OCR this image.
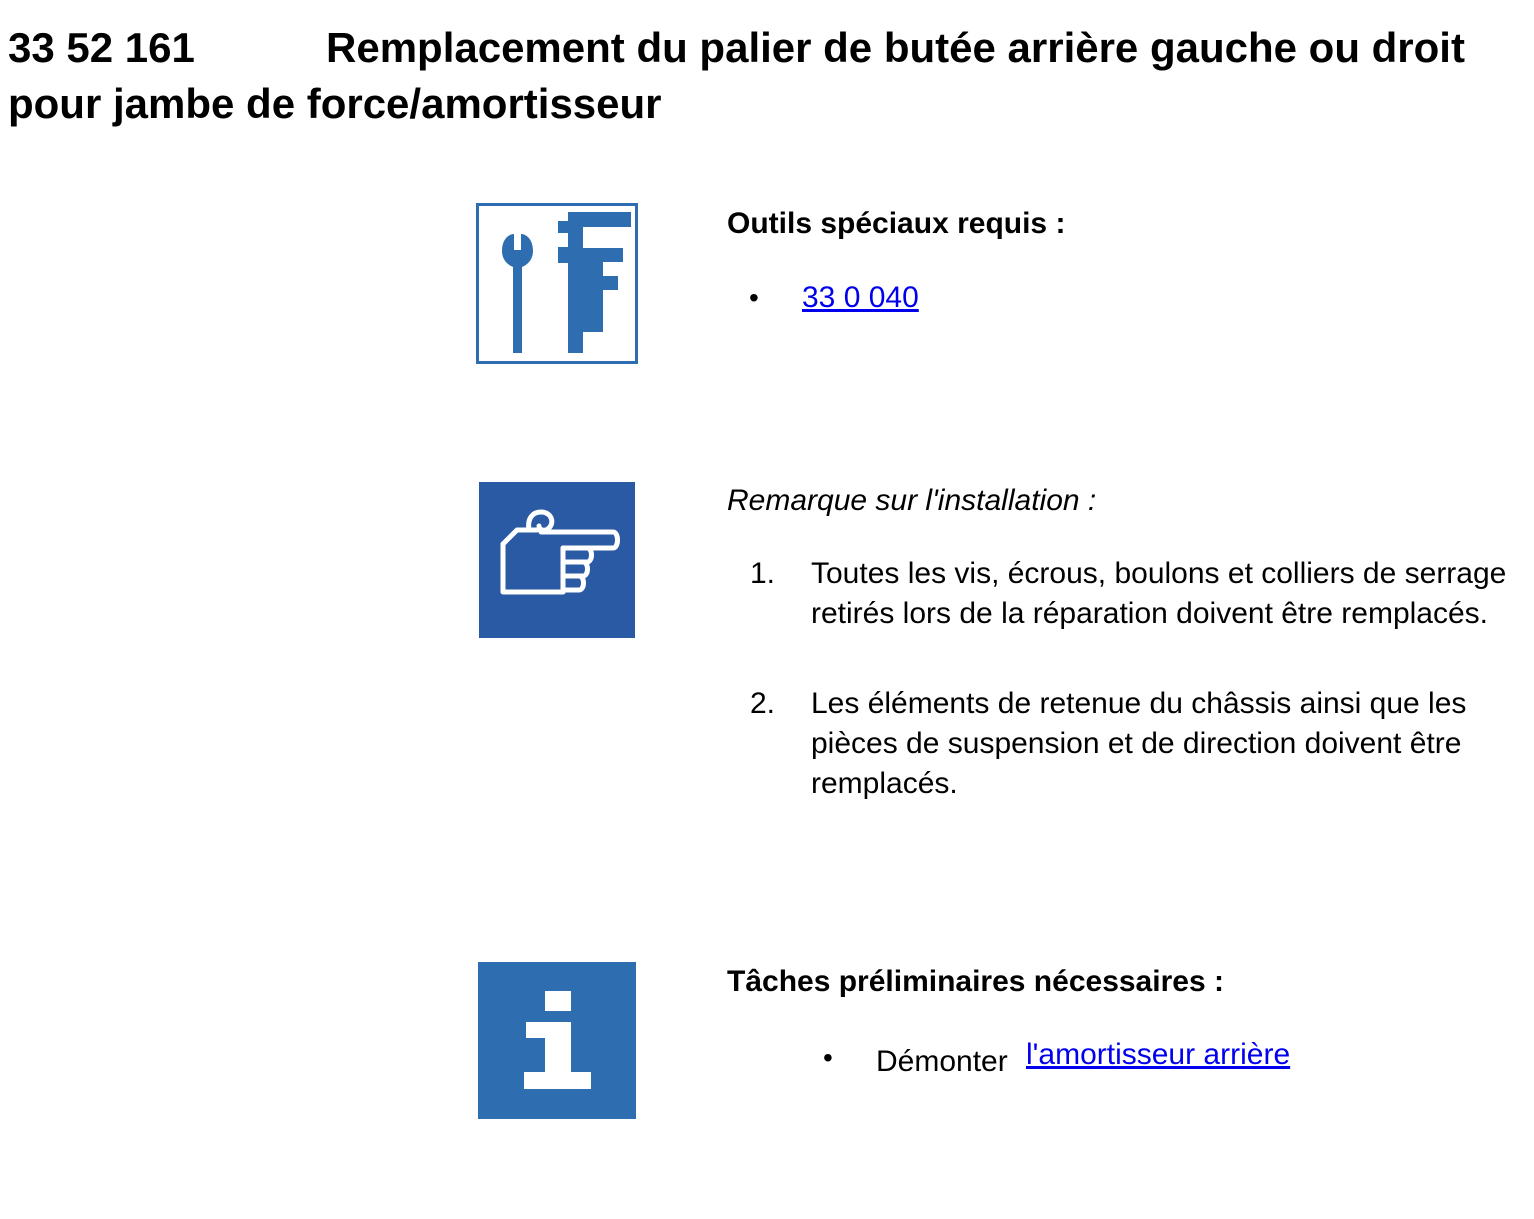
33 52 161	Remplacement du palier de butée arrière gauche ou droit pour jambe de force/amortisseur

Outils spéciaux requis :

• 33 0 040

Remarque sur l'installation :

1.	Toutes les vis, écrous, boulons et colliers de serrage retirés lors de la réparation doivent être remplacés.
2.	Les éléments de retenue du châssis ainsi que les pièces de suspension et de direction doivent être remplacés.

Tâches préliminaires nécessaires :

• Démonter l'amortisseur arrière
